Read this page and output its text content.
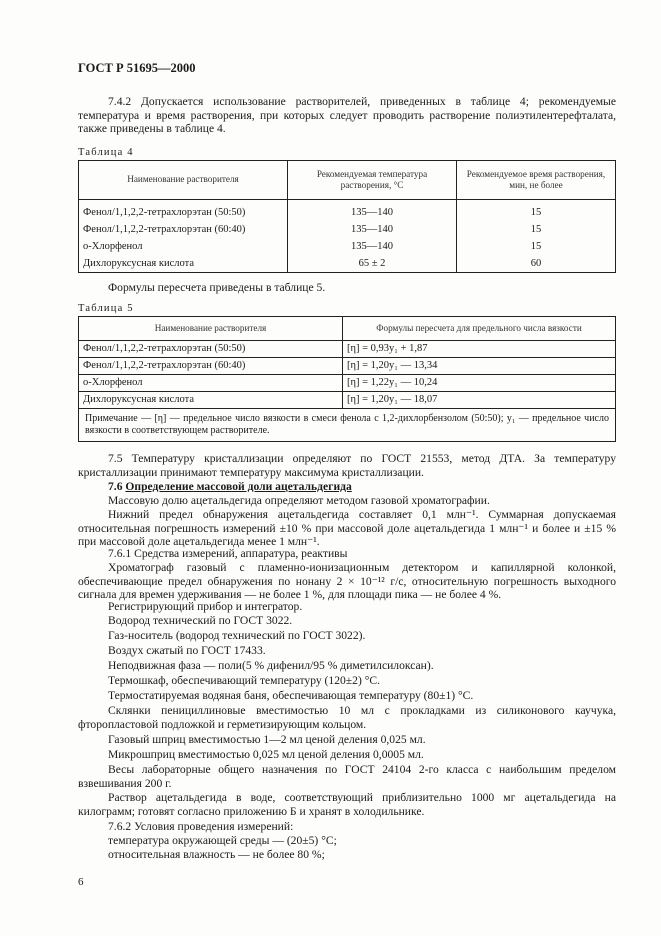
ГОСТ Р 51695—2000

7.4.2 Допускается использование растворителей, приведенных в таблице 4; рекомендуемые температура и время растворения, при которых следует проводить растворение полиэтилентерефталата, также приведены в таблице 4.

Таблица 4
Наименование растворителя	Рекомендуемая температура растворения, °С	Рекомендуемое время растворения, мин, не более
Фенол/1,1,2,2-тетрахлорэтан (50:50)	135—140	15
Фенол/1,1,2,2-тетрахлорэтан (60:40)	135—140	15
о-Хлорфенол	135—140	15
Дихлоруксусная кислота	65 ± 2	60

Формулы пересчета приведены в таблице 5.

Таблица 5
Наименование растворителя	Формулы пересчета для предельного числа вязкости
Фенол/1,1,2,2-тетрахлорэтан (50:50)	[η] = 0,93y₁ + 1,87
Фенол/1,1,2,2-тетрахлорэтан (60:40)	[η] = 1,20y₁ — 13,34
о-Хлорфенол	[η] = 1,22y₁ — 10,24
Дихлоруксусная кислота	[η] = 1,20y₁ — 18,07
Примечание — [η] — предельное число вязкости в смеси фенола с 1,2-дихлорбензолом (50:50); y₁ — предельное число вязкости в соответствующем растворителе.	

7.5 Температуру кристаллизации определяют по ГОСТ 21553, метод ДТА. За температуру кристаллизации принимают температуру максимума кристаллизации.

7.6 Определение массовой доли ацетальдегида

Массовую долю ацетальдегида определяют методом газовой хроматографии.

Нижний предел обнаружения ацетальдегида составляет 0,1 млн⁻¹. Суммарная допускаемая относительная погрешность измерений ±10 % при массовой доле ацетальдегида 1 млн⁻¹ и более и ±15 % при массовой доле ацетальдегида менее 1 млн⁻¹.

7.6.1 Средства измерений, аппаратура, реактивы

Хроматограф газовый с пламенно-ионизационным детектором и капиллярной колонкой, обеспечивающие предел обнаружения по нонану 2 × 10⁻¹² г/с, относительную погрешность выходного сигнала для времен удерживания — не более 1 %, для площади пика — не более 4 %.

Регистрирующий прибор и интегратор.

Водород технический по ГОСТ 3022.

Газ-носитель (водород технический по ГОСТ 3022).

Воздух сжатый по ГОСТ 17433.

Неподвижная фаза — поли(5 % дифенил/95 % диметилсилоксан).

Термошкаф, обеспечивающий температуру (120±2) °С.

Термостатируемая водяная баня, обеспечивающая температуру (80±1) °С.

Склянки пенициллиновые вместимостью 10 мл с прокладками из силиконового каучука, фторопластовой подложкой и герметизирующим кольцом.

Газовый шприц вместимостью 1—2 мл ценой деления 0,025 мл.

Микрошприц вместимостью 0,025 мл ценой деления 0,0005 мл.

Весы лабораторные общего назначения по ГОСТ 24104 2-го класса с наибольшим пределом взвешивания 200 г.

Раствор ацетальдегида в воде, соответствующий приблизительно 1000 мг ацетальдегида на килограмм; готовят согласно приложению Б и хранят в холодильнике.

7.6.2 Условия проведения измерений:

температура окружающей среды — (20±5) °С;

относительная влажность — не более 80 %;

6
